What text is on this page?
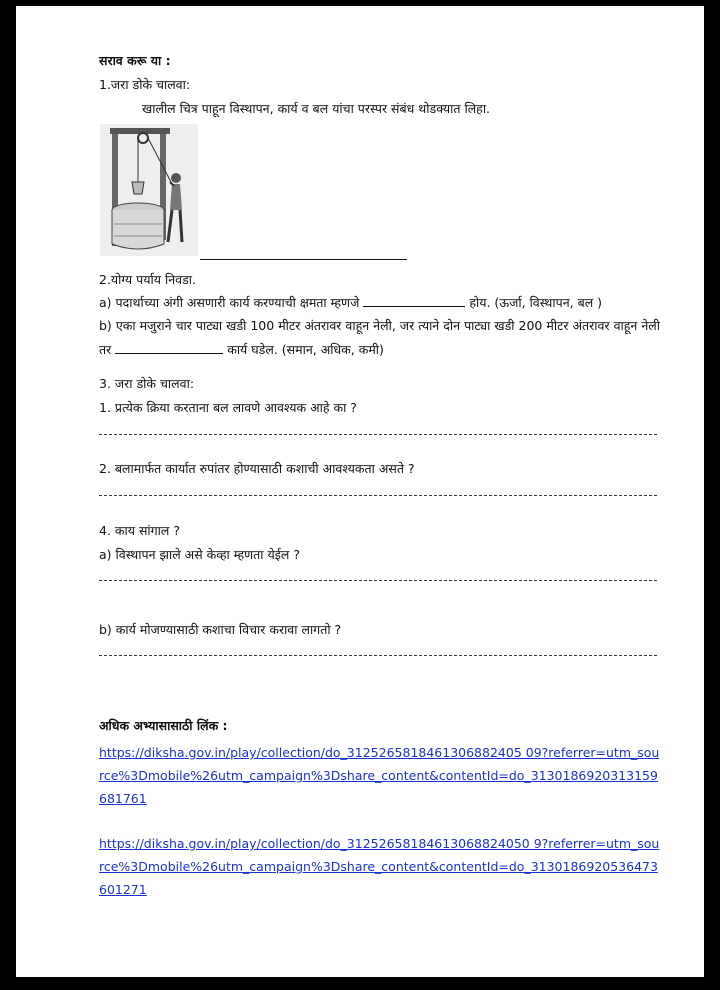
सराव करू या :
1.जरा डोके चालवा:
खालील चित्र पाहून विस्थापन, कार्य व बल यांचा परस्पर संबंध थोडक्यात लिहा.
2.योग्य पर्याय निवडा.
a) पदार्थाच्या अंगी असणारी कार्य करण्याची क्षमता म्हणजे	होय. (ऊर्जा, विस्थापन, बल )
b) एका मजुराने चार पाट्या खडी 100 मीटर अंतरावर वाहून नेली, जर त्याने दोन पाट्या खडी 200 मीटर अंतरावर वाहून नेली तर	कार्य घडेल. (समान, अधिक, कमी)
3. जरा डोके चालवा:
1. प्रत्येक क्रिया करताना बल लावणे आवश्यक आहे का ?
2. बलामार्फत कार्यात रुपांतर होण्यासाठी कशाची आवश्यकता असते ?
4. काय सांगाल ?
a) विस्थापन झाले असे केव्हा म्हणता येईल ?
b) कार्य मोजण्यासाठी कशाचा विचार करावा लागतो ?
अधिक अभ्यासासाठी लिंक :
https://diksha.gov.in/play/collection/do_3125265818461306882405 09?referrer=utm_source%3Dmobile%26utm_campaign%3Dshare_content&contentId=do_3130186920313159681761
https://diksha.gov.in/play/collection/do_31252658184613068824050 9?referrer=utm_source%3Dmobile%26utm_campaign%3Dshare_content&contentId=do_3130186920536473601271
